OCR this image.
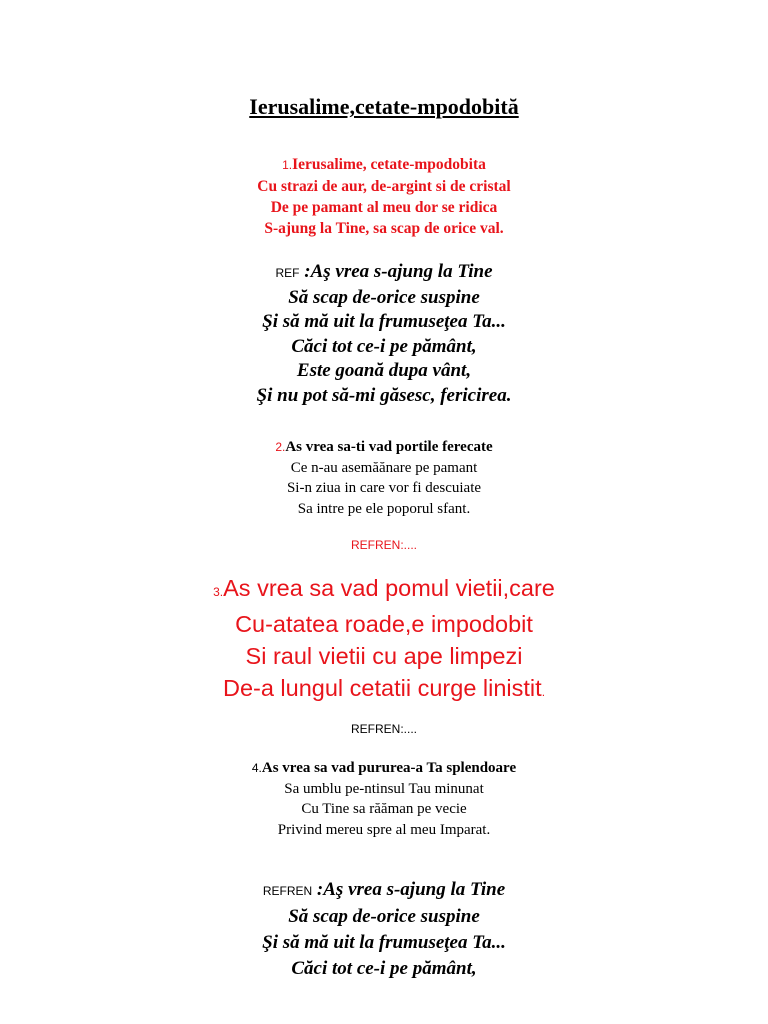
Ierusalime,cetate-mpodobită
1.Ierusalime, cetate-mpodobita
Cu strazi de aur, de-argint si de cristal
De pe pamant al meu dor se ridica
S-ajung la Tine, sa scap de orice val.
REF :Aş vrea s-ajung la Tine
Să scap de-orice suspine
Şi să mă uit la frumuseţea Ta...
Căci tot ce-i pe pământ,
Este goană dupa vânt,
Şi nu pot să-mi găsesc, fericirea.
2.As vrea sa-ti vad portile ferecate
Ce n-au asemăănare pe pamant
Si-n ziua in care vor fi descuiate
Sa intre pe ele poporul sfant.
REFREN:....
3.As vrea sa vad pomul vietii,care
Cu-atatea roade,e impodobit
Si raul vietii cu ape limpezi
De-a lungul cetatii curge linistit.
REFREN:....
4.As vrea sa vad pururea-a Ta splendoare
Sa umblu pe-ntinsul Tau minunat
Cu Tine sa răăman pe vecie
Privind mereu spre al meu Imparat.
REFREN :Aş vrea s-ajung la Tine
Să scap de-orice suspine
Şi să mă uit la frumuseţea Ta...
Căci tot ce-i pe pământ,
